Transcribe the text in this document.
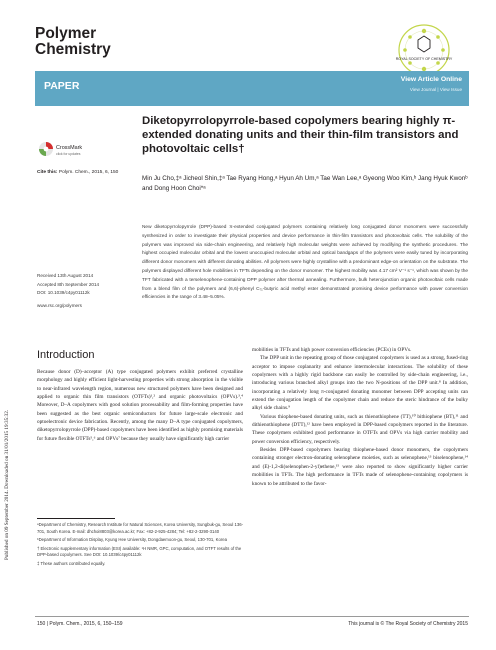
Published on 09 September 2014. Downloaded on 31/01/2015 19:35:32.
Polymer
Chemistry
ROYAL SOCIETY OF CHEMISTRY
PAPER
View Article Online
View Journal | View Issue
CrossMark
click for updates
Cite this: Polym. Chem., 2015, 6, 150
Diketopyrrolopyrrole-based copolymers bearing highly π-extended donating units and their thin-film transistors and photovoltaic cells†
Min Ju Cho,‡ᵃ Jicheol Shin,‡ᵃ Tae Ryang Hong,ᵃ Hyun Ah Um,ᵃ Tae Wan Lee,ᵃ Gyeong Woo Kim,ᵇ Jang Hyuk Kwonᵇ and Dong Hoon Choi*ᵃ
New diketopyrrolopyrrole (DPP)-based π-extended conjugated polymers containing relatively long conjugated donor monomers were successfully synthesized in order to investigate their physical properties and device performance in thin-film transistors and photovoltaic cells. The solubility of the polymers was improved via side-chain engineering, and relatively high molecular weights were achieved by modifying the synthetic procedures. The highest occupied molecular orbital and the lowest unoccupied molecular orbital and optical bandgaps of the polymers were easily tuned by incorporating different donor monomers with different donating abilities. All polymers were highly crystalline with a predominant edge-on orientation on the substrate. The polymers displayed different hole mobilities in TFTs depending on the donor monomer. The highest mobility was 4.17 cm² V⁻¹ s⁻¹, which was shown by the TFT fabricated with a terselenophene-containing DPP polymer after thermal annealing. Furthermore, bulk heterojunction organic photovoltaic cells made from a blend film of the polymers and (6,6)-phenyl C₇₁-butyric acid methyl ester demonstrated promising device performance with power conversion efficiencies in the range of 3.48–5.05%.
Received 13th August 2014
Accepted 8th September 2014
DOI: 10.1039/c4py01112k
www.rsc.org/polymers
Introduction

Because donor (D)–acceptor (A) type conjugated polymers exhibit preferred crystalline morphology and highly efficient light-harvesting properties with strong absorption in the visible to near-infrared wavelength region, numerous new structured polymers have been designed and applied to organic thin film transistors (OTFTs)¹,² and organic photovoltaics (OPVs).³,⁴ Moreover, D–A copolymers with good solution processability and film-forming properties have been suggested as the best organic semiconductors for future large-scale electronic and optoelectronic device fabrication. Recently, among the many D–A type conjugated copolymers, diketopyrrolopyrrole (DPP)-based copolymers have been identified as highly promising materials for future flexible OTFTs⁵,⁶ and OPVs⁷ because they usually have significantly high carrier

mobilities in TFTs and high power conversion efficiencies (PCEs) in OPVs.

The DPP unit in the repeating group of those conjugated copolymers is used as a strong, fused-ring acceptor to impose coplanarity and enhance intermolecular interactions. The solubility of these copolymers with a highly rigid backbone can easily be controlled by side-chain engineering, i.e., introducing various branched alkyl groups into the two N-positions of the DPP unit.⁸ In addition, incorporating a relatively long π-conjugated donating monomer between DPP accepting units can extend the conjugation length of the copolymer chain and reduce the steric hindrance of the bulky alkyl side chains.⁹

Various thiophene-based donating units, such as thienothiophene (TT),¹⁰ bithiophene (BT),¹¹ and dithienothiophene (DTT),¹² have been employed in DPP-based copolymers reported in the literature. These copolymers exhibited good performance in OTFTs and OPVs via high carrier mobility and power conversion efficiency, respectively.

Besides DPP-based copolymers bearing thiophene-based donor monomers, the copolymers containing stronger electron-donating selenophene moieties, such as selenophene,¹³ biselenophene,¹⁴ and (E)-1,2-di(selenophen-2-yl)ethene,¹⁵ were also reported to show significantly higher carrier mobilities in TFTs. The high performance in TFTs made of selenophene-containing copolymers is known to be attributed to the favor-

ᵃDepartment of Chemistry, Research Institute for Natural Sciences, Korea University, Sungbuk-gu, Seoul 136-701, South Korea. E-mail: dhchoi8803@korea.ac.kr; Fax: +82-2-925-4284; Tel: +82-2-3290-3140

ᵇDepartment of Information Display, Kyung Hee University, Dongdaemoon-gu, Seoul, 130-701, Korea

† Electronic supplementary information (ESI) available: ¹H NMR, GPC, computation, and OTFT results of the DPP-based copolymers. See DOI: 10.1039/c4py01112k

‡ These authors contributed equally.

150 | Polym. Chem., 2015, 6, 150–159	This journal is © The Royal Society of Chemistry 2015
